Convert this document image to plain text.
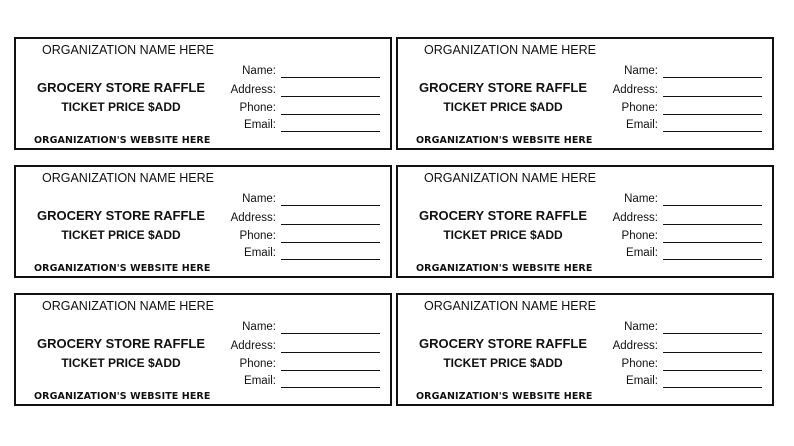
ORGANIZATION NAME HERE
GROCERY STORE RAFFLE
TICKET PRICE $ADD
ORGANIZATION'S WEBSITE HERE
Name:
Address:
Phone:
Email:
ORGANIZATION NAME HERE
GROCERY STORE RAFFLE
TICKET PRICE $ADD
ORGANIZATION'S WEBSITE HERE
Name:
Address:
Phone:
Email:
ORGANIZATION NAME HERE
GROCERY STORE RAFFLE
TICKET PRICE $ADD
ORGANIZATION'S WEBSITE HERE
Name:
Address:
Phone:
Email:
ORGANIZATION NAME HERE
GROCERY STORE RAFFLE
TICKET PRICE $ADD
ORGANIZATION'S WEBSITE HERE
Name:
Address:
Phone:
Email:
ORGANIZATION NAME HERE
GROCERY STORE RAFFLE
TICKET PRICE $ADD
ORGANIZATION'S WEBSITE HERE
Name:
Address:
Phone:
Email:
ORGANIZATION NAME HERE
GROCERY STORE RAFFLE
TICKET PRICE $ADD
ORGANIZATION'S WEBSITE HERE
Name:
Address:
Phone:
Email:
